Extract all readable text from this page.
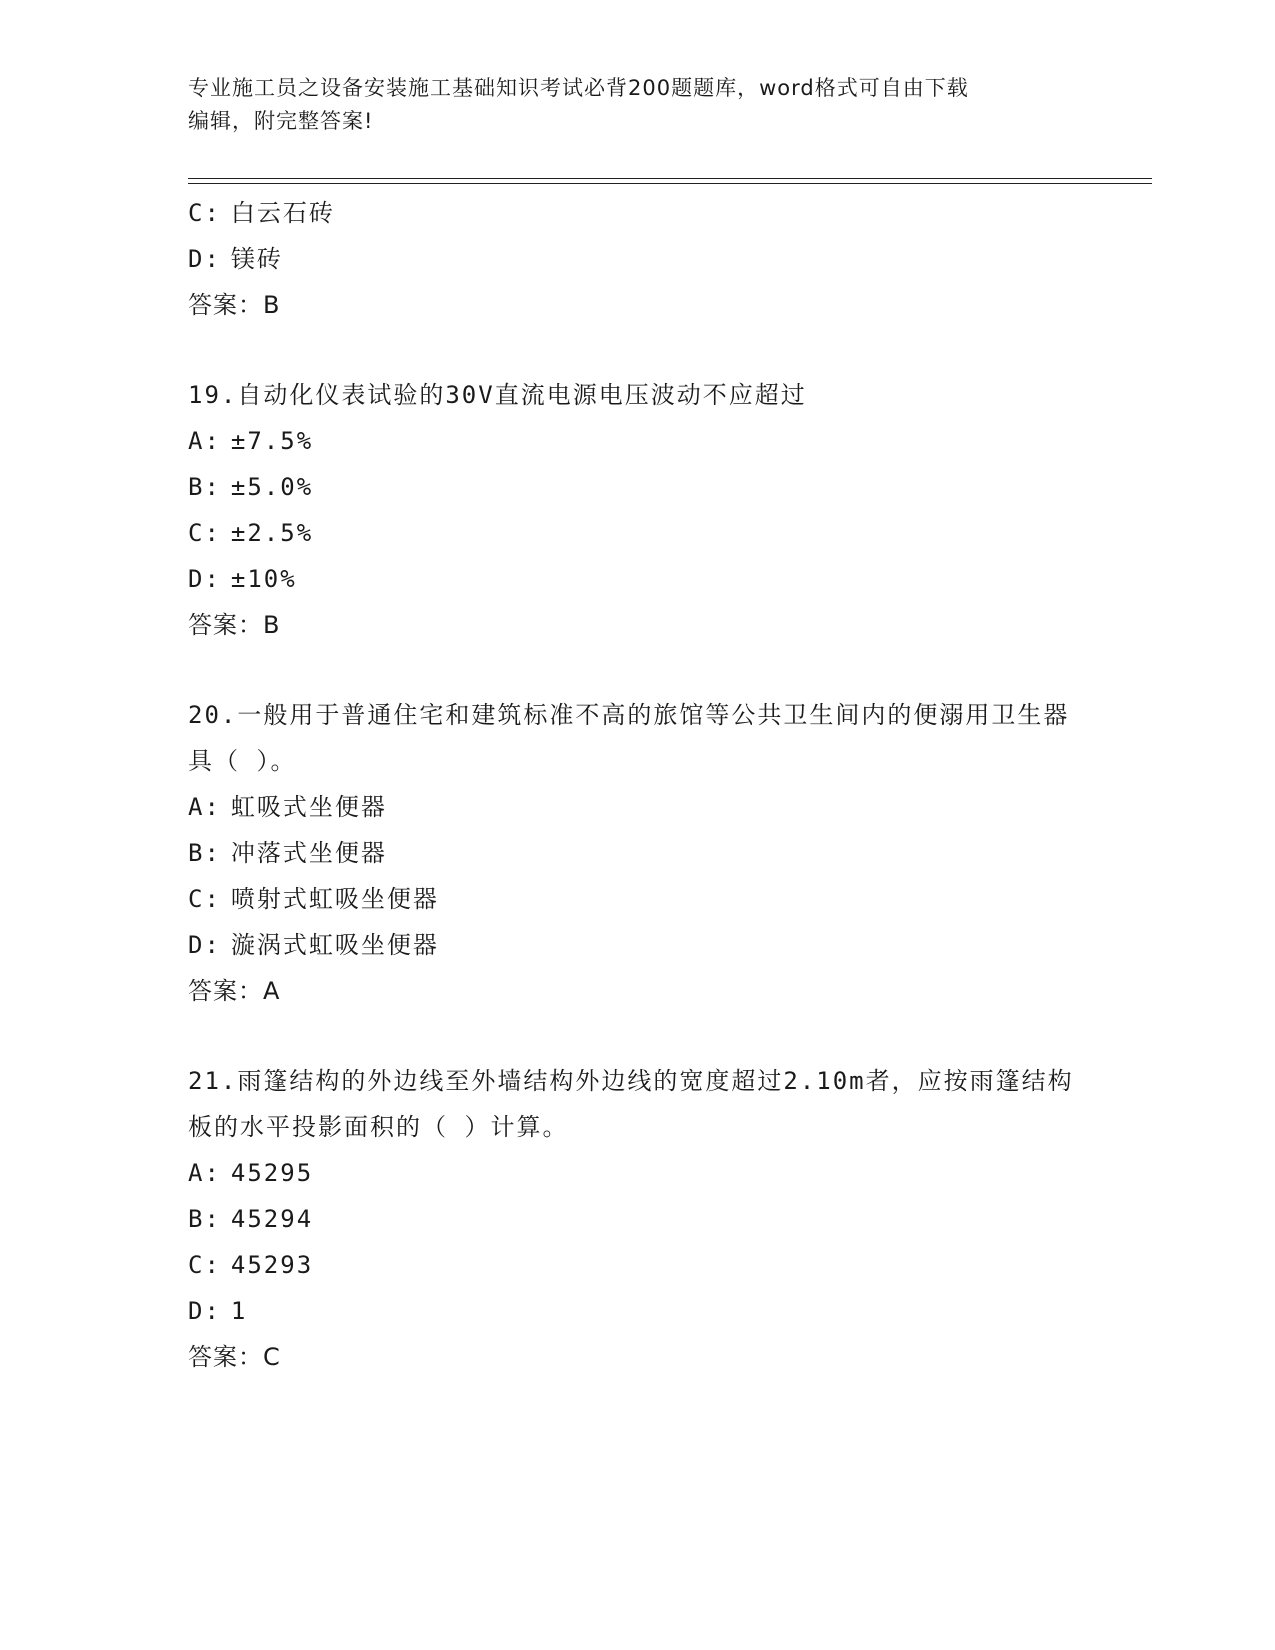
专业施工员之设备安装施工基础知识考试必背200题题库，word格式可自由下载
编辑，附完整答案!
C: 白云石砖
D: 镁砖
答案：B
19.自动化仪表试验的30V直流电源电压波动不应超过
A: ±7.5%
B: ±5.0%
C: ±2.5%
D: ±10%
答案：B
20.一般用于普通住宅和建筑标准不高的旅馆等公共卫生间内的便溺用卫生器具（ ）。
A: 虹吸式坐便器
B: 冲落式坐便器
C: 喷射式虹吸坐便器
D: 漩涡式虹吸坐便器
答案：A
21.雨篷结构的外边线至外墙结构外边线的宽度超过2.10m者，应按雨篷结构板的水平投影面积的（ ）计算。
A: 45295
B: 45294
C: 45293
D: 1
答案：C
